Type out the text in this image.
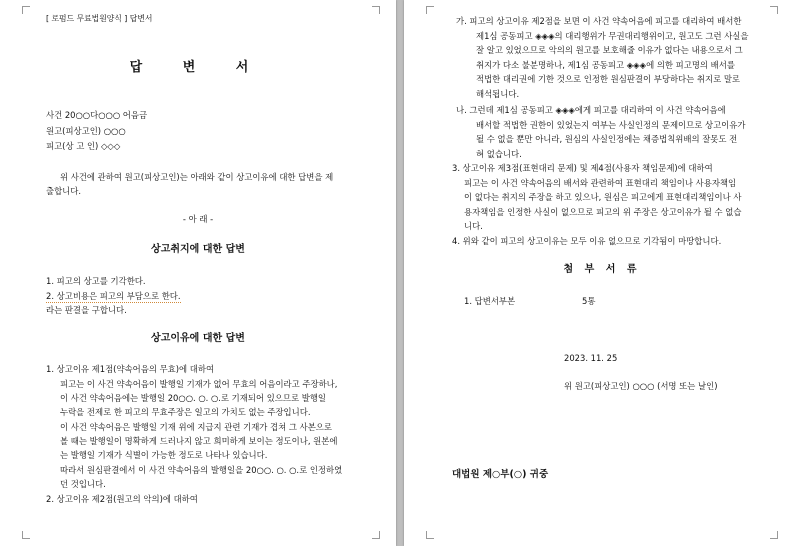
[ 로펌드 무료법원양식 ] 답변서
답 변 서
사건 20○○다○○○ 어음금
원고(피상고인) ○○○
피고(상 고 인) ◇◇◇
위 사건에 관하여 원고(피상고인)는 아래와 같이 상고이유에 대한 답변을 제
출합니다.
- 아 래 -
상고취지에 대한 답변
1. 피고의 상고를 기각한다.
2. 상고비용은 피고의 부담으로 한다.
라는 판결을 구합니다.
상고이유에 대한 답변
1. 상고이유 제1점(약속어음의 무효)에 대하여
피고는 이 사건 약속어음이 발행일 기재가 없어 무효의 어음이라고 주장하나,
이 사건 약속어음에는 발행일 20○○. ○. ○.로 기재되어 있으므로 발행일
누락을 전제로 한 피고의 무효주장은 일고의 가치도 없는 주장입니다.
이 사건 약속어음은 발행일 기재 위에 지급지 관련 기재가 겹쳐 그 사본으로
볼 때는 발행일이 명확하게 드러나지 않고 희미하게 보이는 정도이나, 원본에
는 발행일 기재가 식별이 가능한 정도로 나타나 있습니다.
따라서 원심판결에서 이 사건 약속어음의 발행일을 20○○. ○. ○.로 인정하였
던 것입니다.
2. 상고이유 제2점(원고의 악의)에 대하여
가. 피고의 상고이유 제2점을 보면 이 사건 약속어음에 피고를 대리하여 배서한
제1심 공동피고 ◈◈◈의 대리행위가 무권대리행위이고, 원고도 그런 사실을
잘 알고 있었으므로 악의의 원고를 보호해줄 이유가 없다는 내용으로서 그
취지가 다소 불분명하나, 제1심 공동피고 ◈◈◈에 의한 피고명의 배서를
적법한 대리권에 기한 것으로 인정한 원심판결이 부당하다는 취지로 말로
해석됩니다.
나. 그런데 제1심 공동피고 ◈◈◈에게 피고를 대리하여 이 사건 약속어음에
배서할 적법한 권한이 있었는지 여부는 사실인정의 문제이므로 상고이유가
될 수 없을 뿐만 아니라, 원심의 사실인정에는 채증법칙위배의 잘못도 전
혀 없습니다.
3. 상고이유 제3점(표현대리 문제) 및 제4점(사용자 책임문제)에 대하여
피고는 이 사건 약속어음의 배서와 관련하여 표현대리 책임이나 사용자책임
이 없다는 취지의 주장을 하고 있으나, 원심은 피고에게 표현대리책임이나 사
용자책임을 인정한 사실이 없으므로 피고의 위 주장은 상고이유가 될 수 없습
니다.
4. 위와 같이 피고의 상고이유는 모두 이유 없으므로 기각됨이 마땅합니다.
첨 부 서 류
1. 답변서부본	5통
2023. 11. 25
위 원고(피상고인) ○○○ (서명 또는 날인)
대법원 제○부(○) 귀중
